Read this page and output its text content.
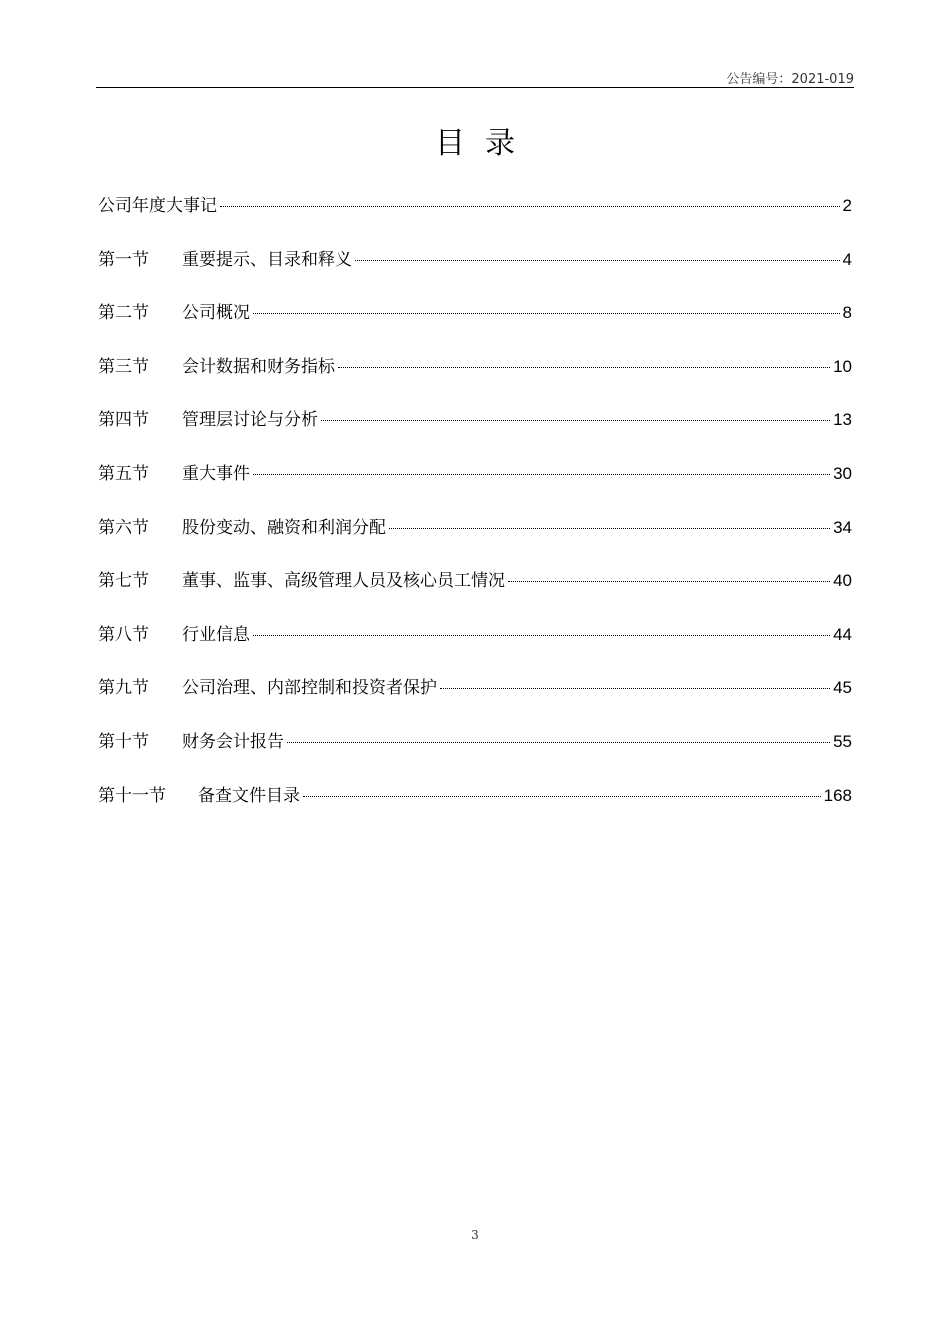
公告编号：2021-019
目录
公司年度大事记	2
第一节	重要提示、目录和释义	4
第二节	公司概况	8
第三节	会计数据和财务指标	10
第四节	管理层讨论与分析	13
第五节	重大事件	30
第六节	股份变动、融资和利润分配	34
第七节	董事、监事、高级管理人员及核心员工情况	40
第八节	行业信息	44
第九节	公司治理、内部控制和投资者保护	45
第十节	财务会计报告	55
第十一节	备查文件目录	168
3
